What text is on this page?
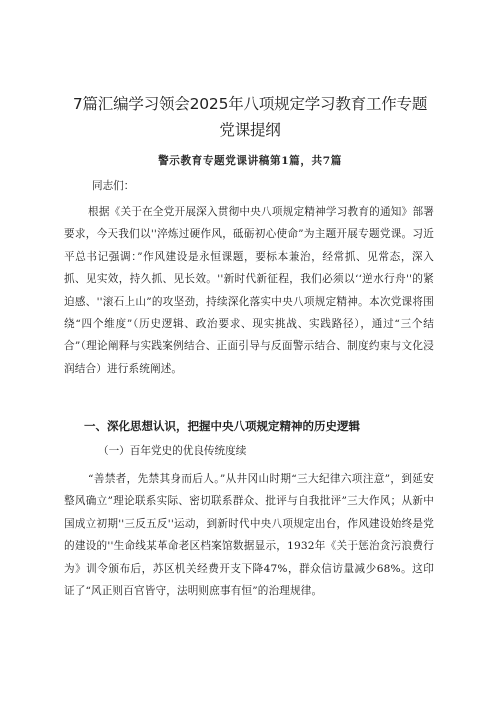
7篇汇编学习领会2025年八项规定学习教育工作专题
党课提纲
警示教育专题党课讲稿第1篇，共7篇
同志们：

根据《关于在全党开展深入贯彻中央八项规定精神学习教育的通知》部署要求，今天我们以''淬炼过硬作风，砥砺初心使命”为主题开展专题党课。习近平总书记强调：”作风建设是永恒课题，要标本兼治，经常抓、见常态，深入抓、见实效，持久抓、见长效。''新时代新征程，我们必须以‘‘逆水行舟''的紧迫感、''滚石上山”的攻坚劲，持续深化落实中央八项规定精神。本次党课将围绕“四个维度”（历史逻辑、政治要求、现实挑战、实践路径），通过“三个结合”（理论阐释与实践案例结合、正面引导与反面警示结合、制度约束与文化浸润结合）进行系统阐述。

一、深化思想认识，把握中央八项规定精神的历史逻辑
（一）百年党史的优良传统度续

“善禁者，先禁其身而后人。”从井冈山时期“三大纪律六项注意”，到延安整风确立”理论联系实际、密切联系群众、批评与自我批评”三大作风；从新中国成立初期''三反五反''运动，到新时代中央八项规定出台，作风建设始终是党的建设的''生命线某革命老区档案馆数据显示，1932年《关于惩治贪污浪费行为》训令颁布后，苏区机关经费开支下降47%，群众信访量减少68%。这印证了“风正则百官皆守，法明则庶事有恒”的治理规律。
